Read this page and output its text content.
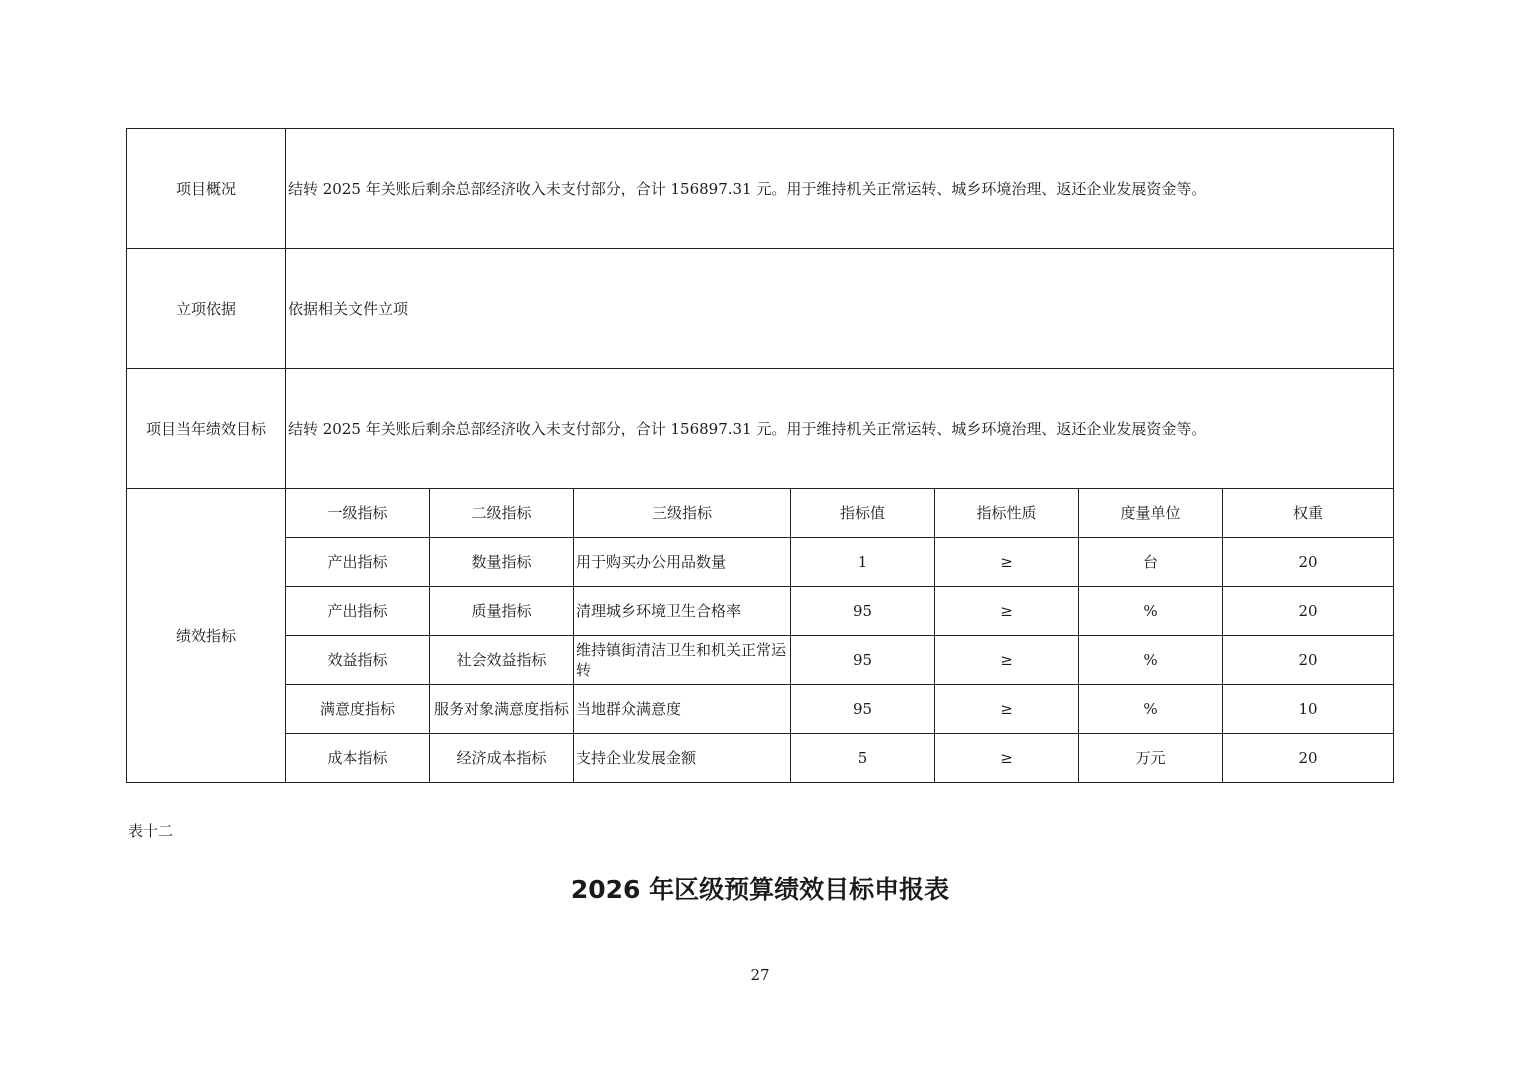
项目概况	结转 2025 年关账后剩余总部经济收入未支付部分，合计 156897.31 元。用于维持机关正常运转、城乡环境治理、返还企业发展资金等。						
立项依据	依据相关文件立项						
项目当年绩效目标	结转 2025 年关账后剩余总部经济收入未支付部分，合计 156897.31 元。用于维持机关正常运转、城乡环境治理、返还企业发展资金等。						
绩效指标	一级指标	二级指标	三级指标	指标值	指标性质	度量单位	权重
	产出指标	数量指标	用于购买办公用品数量	1	≥	台	20
	产出指标	质量指标	清理城乡环境卫生合格率	95	≥	%	20
	效益指标	社会效益指标	维持镇街清洁卫生和机关正常运转	95	≥	%	20
	满意度指标	服务对象满意度指标	当地群众满意度	95	≥	%	10
	成本指标	经济成本指标	支持企业发展金额	5	≥	万元	20
表十二
2026 年区级预算绩效目标申报表
27
